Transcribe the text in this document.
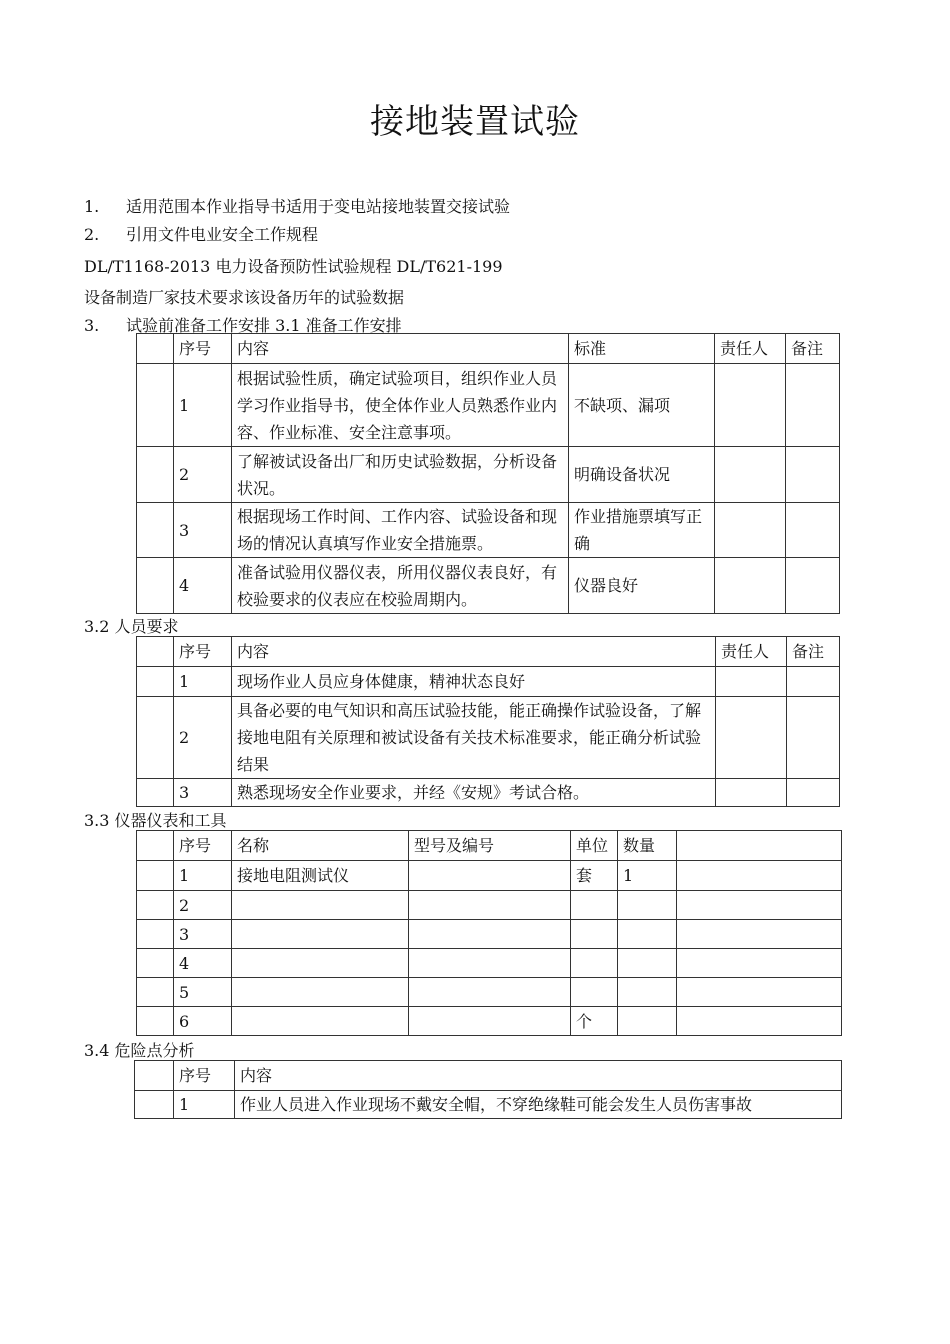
接地装置试验
1. 适用范围本作业指导书适用于变电站接地装置交接试验
2. 引用文件电业安全工作规程
DL/T1168-2013 电力设备预防性试验规程 DL/T621-199
设备制造厂家技术要求该设备历年的试验数据
3. 试验前准备工作安排 3.1 准备工作安排
	序号	内容	标准	责任人	备注
	1	根据试验性质，确定试验项目，组织作业人员学习作业指导书，使全体作业人员熟悉作业内容、作业标准、安全注意事项。	不缺项、漏项		
	2	了解被试设备出厂和历史试验数据，分析设备状况。	明确设备状况		
	3	根据现场工作时间、工作内容、试验设备和现场的情况认真填写作业安全措施票。	作业措施票填写正确		
	4	准备试验用仪器仪表，所用仪器仪表良好，有校验要求的仪表应在校验周期内。	仪器良好		
3.2 人员要求
	序号	内容	责任人	备注
	1	现场作业人员应身体健康，精神状态良好		
	2	具备必要的电气知识和高压试验技能，能正确操作试验设备，了解接地电阻有关原理和被试设备有关技术标准要求，能正确分析试验结果		
	3	熟悉现场安全作业要求，并经《安规》考试合格。		
3.3 仪器仪表和工具
	序号	名称	型号及编号	单位	数量	
	1	接地电阻测试仪		套	1	
	2					
	3					
	4					
	5					
	6			个		
3.4 危险点分析
	序号	内容
	1	作业人员进入作业现场不戴安全帽，不穿绝缘鞋可能会发生人员伤害事故
